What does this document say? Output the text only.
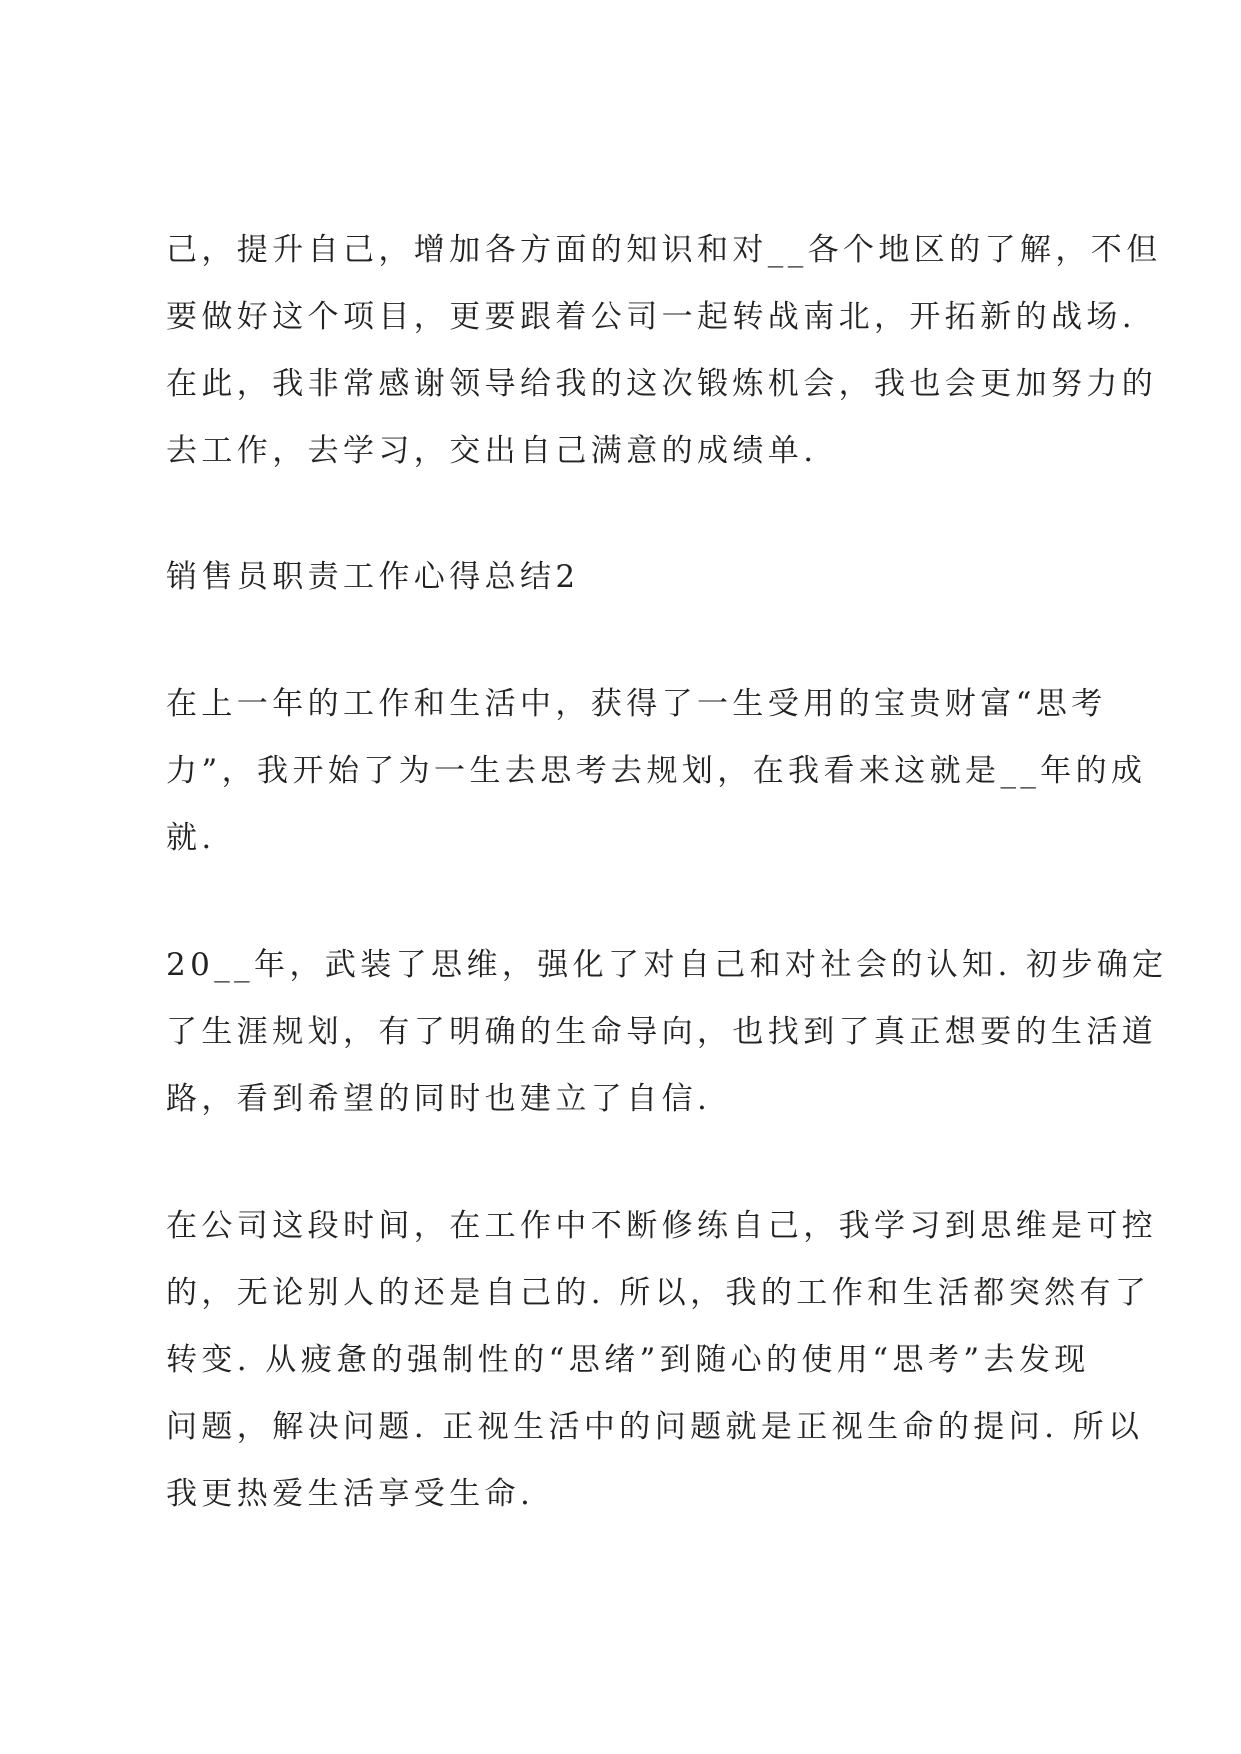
己，提升自己，增加各方面的知识和对__各个地区的了解，不但
要做好这个项目，更要跟着公司一起转战南北，开拓新的战场.
在此，我非常感谢领导给我的这次锻炼机会，我也会更加努力的
去工作，去学习，交出自己满意的成绩单.
销售员职责工作心得总结2
在上一年的工作和生活中，获得了一生受用的宝贵财富“思考
力”，我开始了为一生去思考去规划，在我看来这就是__年的成
就.
20__年，武装了思维，强化了对自己和对社会的认知. 初步确定
了生涯规划，有了明确的生命导向，也找到了真正想要的生活道
路，看到希望的同时也建立了自信.
在公司这段时间，在工作中不断修练自己，我学习到思维是可控
的，无论别人的还是自己的. 所以，我的工作和生活都突然有了
转变. 从疲惫的强制性的“思绪”到随心的使用“思考”去发现
问题，解决问题. 正视生活中的问题就是正视生命的提问. 所以
我更热爱生活享受生命.
